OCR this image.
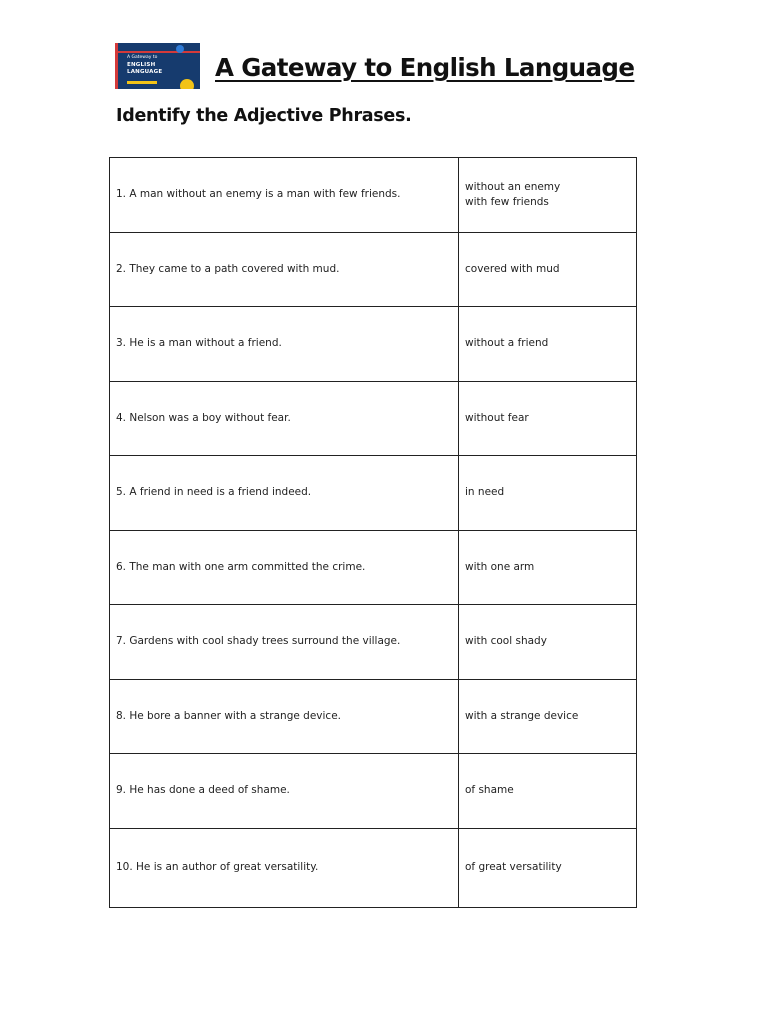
A Gateway to
ENGLISH
LANGUAGE A Gateway to English Language
Identify the Adjective Phrases.
1. A man without an enemy is a man with few friends.	without an enemy
with few friends

2. They came to a path covered with mud.	covered with mud

3. He is a man without a friend.	without a friend

4. Nelson was a boy without fear.	without fear

5. A friend in need is a friend indeed.	in need

6. The man with one arm committed the crime.	with one arm

7. Gardens with cool shady trees surround the village.	with cool shady

8. He bore a banner with a strange device.	with a strange device

9. He has done a deed of shame.	of shame

10. He is an author of great versatility.	of great versatility
